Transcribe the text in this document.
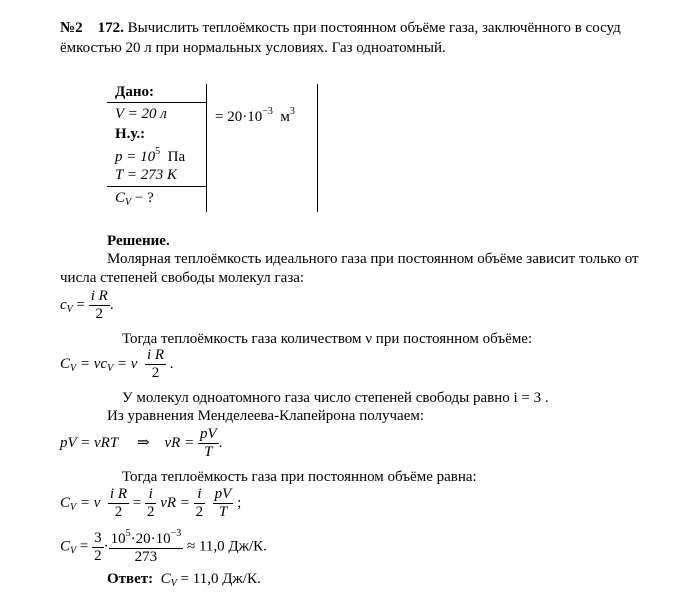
№2 172. Вычислить теплоёмкость при постоянном объёме газа, заключённого в сосуд
ёмкостью 20 л при нормальных условиях. Газ одноатомный.
Дано:
V = 20 л	= $20\cdot 10^{-3}$ $м^3$
Н.у.:
$p = 10^5$ Па
T = 273 К
$C_V$ − ?
Решение.
Молярная теплоёмкость идеального газа при постоянном объёме зависит только от
числа степеней свободы молекул газа:
$c_V = \frac{\text{i R}}{2}$ .
Тогда теплоёмкость газа количеством ν при постоянном объёме:
$C_V = \nu c_V = \nu \frac{\text{i R}}{2}$ .
У молекул одноатомного газа число степеней свободы равно i = 3 .
Из уравнения Менделеева-Клапейрона получаем:
pV = νRT ⇒ $\nu R = \frac{pV}{T}$ .
Тогда теплоёмкость газа при постоянном объёме равна:
$C_V = \nu \frac{\text{i R}}{2} = \frac{i}{2}$ $\nu R = \frac{i}{2}$
$\frac{pV}{T}$ ;
$C_V = \frac{3}{2} \cdot \frac{10^5\cdot 20\cdot 10^{-3}}{273} \approx 11,0$ Дж/К.
Ответ: $C_V = 11,0$ Дж/К.
